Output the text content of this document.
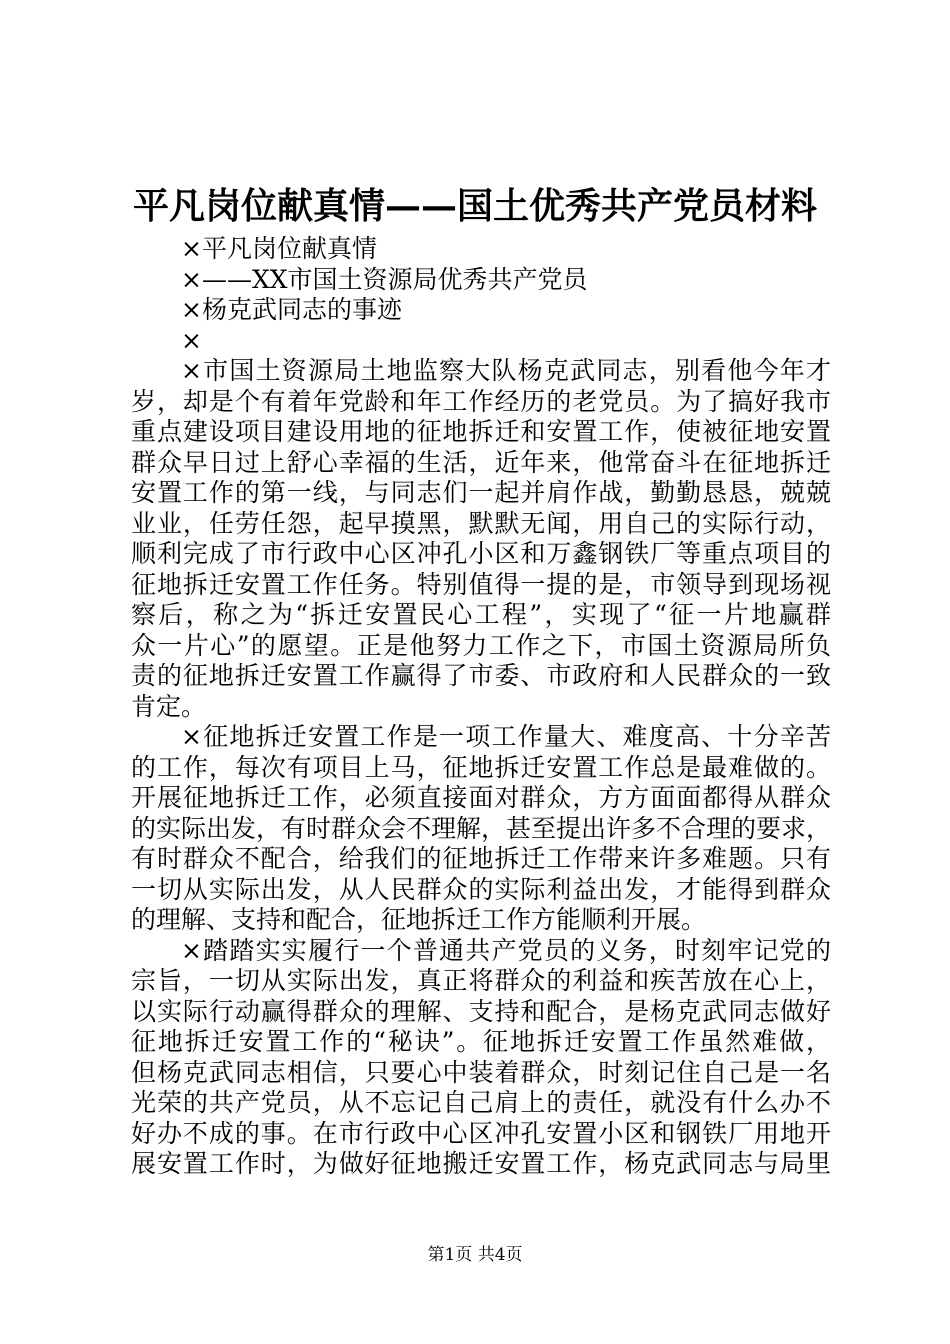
平凡岗位献真情——国土优秀共产党员材料
×平凡岗位献真情
×——XX市国土资源局优秀共产党员
×杨克武同志的事迹
×
×市国土资源局土地监察大队杨克武同志，别看他今年才
岁，却是个有着年党龄和年工作经历的老党员。为了搞好我市
重点建设项目建设用地的征地拆迁和安置工作，使被征地安置
群众早日过上舒心幸福的生活，近年来，他常奋斗在征地拆迁
安置工作的第一线，与同志们一起并肩作战，勤勤恳恳，兢兢
业业，任劳任怨，起早摸黑，默默无闻，用自己的实际行动，
顺利完成了市行政中心区冲孔小区和万鑫钢铁厂等重点项目的
征地拆迁安置工作任务。特别值得一提的是，市领导到现场视
察后，称之为“拆迁安置民心工程”，实现了“征一片地赢群
众一片心”的愿望。正是他努力工作之下，市国土资源局所负
责的征地拆迁安置工作赢得了市委、市政府和人民群众的一致
肯定。
×征地拆迁安置工作是一项工作量大、难度高、十分辛苦
的工作，每次有项目上马，征地拆迁安置工作总是最难做的。
开展征地拆迁工作，必须直接面对群众，方方面面都得从群众
的实际出发，有时群众会不理解，甚至提出许多不合理的要求，
有时群众不配合，给我们的征地拆迁工作带来许多难题。只有
一切从实际出发，从人民群众的实际利益出发，才能得到群众
的理解、支持和配合，征地拆迁工作方能顺利开展。
×踏踏实实履行一个普通共产党员的义务，时刻牢记党的
宗旨，一切从实际出发，真正将群众的利益和疾苦放在心上，
以实际行动赢得群众的理解、支持和配合，是杨克武同志做好
征地拆迁安置工作的“秘诀”。征地拆迁安置工作虽然难做，
但杨克武同志相信，只要心中装着群众，时刻记住自己是一名
光荣的共产党员，从不忘记自己肩上的责任，就没有什么办不
好办不成的事。在市行政中心区冲孔安置小区和钢铁厂用地开
展安置工作时，为做好征地搬迁安置工作，杨克武同志与局里
第1页 共4页
